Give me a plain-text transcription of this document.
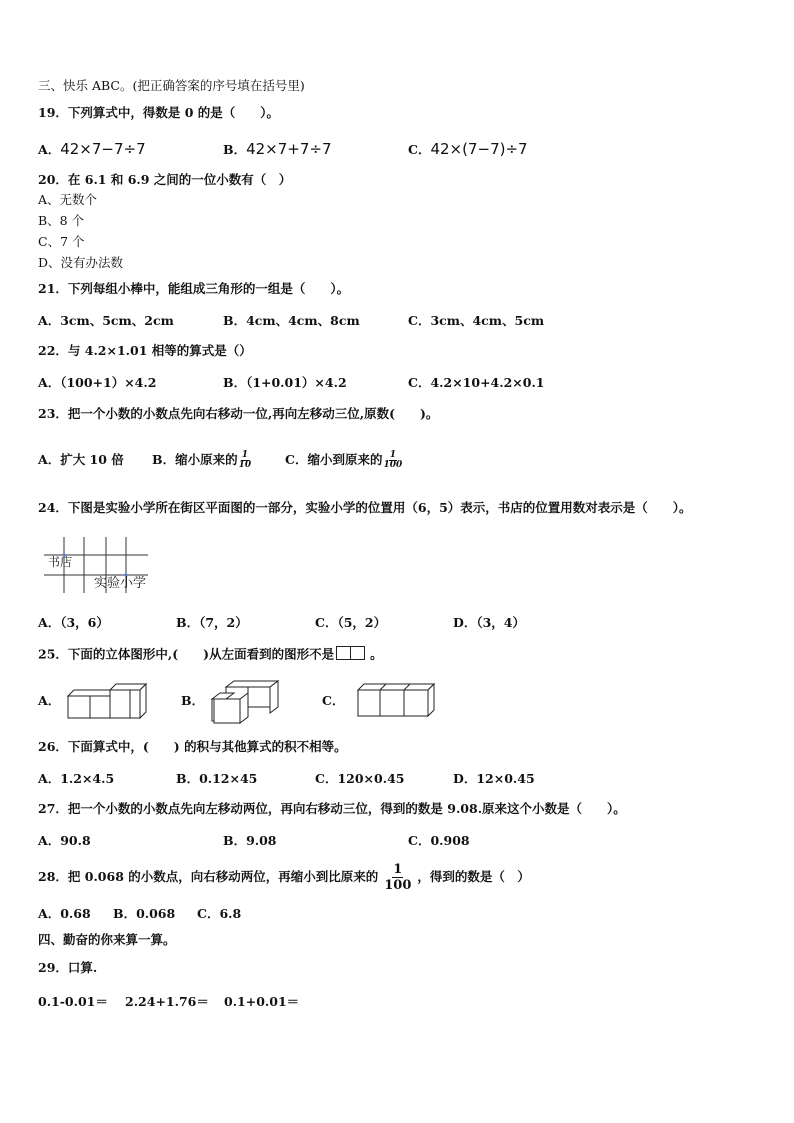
三、快乐 ABC。(把正确答案的序号填在括号里)
19．下列算式中，得数是 0 的是（　　）。
A．42×7−7÷7	B．42×7+7÷7	C．42×(7−7)÷7
20．在 6.1 和 6.9 之间的一位小数有（　）
A、无数个
B、8 个
C、7 个
D、没有办法数
21．下列每组小棒中，能组成三角形的一组是（　　）。
A．3cm、5cm、2cm	B．4cm、4cm、8cm	C．3cm、4cm、5cm
22．与 4.2×1.01 相等的算式是（）
A．（100+1）×4.2	B．（1+0.01）×4.2	C．4.2×10+4.2×0.1
23．把一个小数的小数点先向右移动一位,再向左移动三位,原数(　　)。
A．扩大 10 倍 B．缩小原来的 $\frac{1}{10}$	C．缩小到原来的 $\frac{1}{100}$
24．下图是实验小学所在街区平面图的一部分，实验小学的位置用（6，5）表示，书店的位置用数对表示是（　　）。
书店
实验小学
A．（3，6）	B．（7，2）	C．（5，2）	D．（3，4）
25．下面的立体图形中,(　　)从左面看到的图形不是	。
A．	B．	C．
26．下面算式中，(　　) 的积与其他算式的积不相等。
A．1.2×4.5	B．0.12×45	C．120×0.45	D．12×0.45
27．把一个小数的小数点先向左移动两位，再向右移动三位，得到的数是 9.08.原来这个小数是（　　）。
A．90.8	B．9.08	C．0.908
28．把 0.068 的小数点，向右移动两位，再缩小到比原来的 $\frac{1}{100}$ ，得到的数是（　）
A．0.68 B．0.068 C．6.8
四、勤奋的你来算一算。
29．口算.
0.1-0.01＝ 2.24+1.76＝ 0.1+0.01＝
